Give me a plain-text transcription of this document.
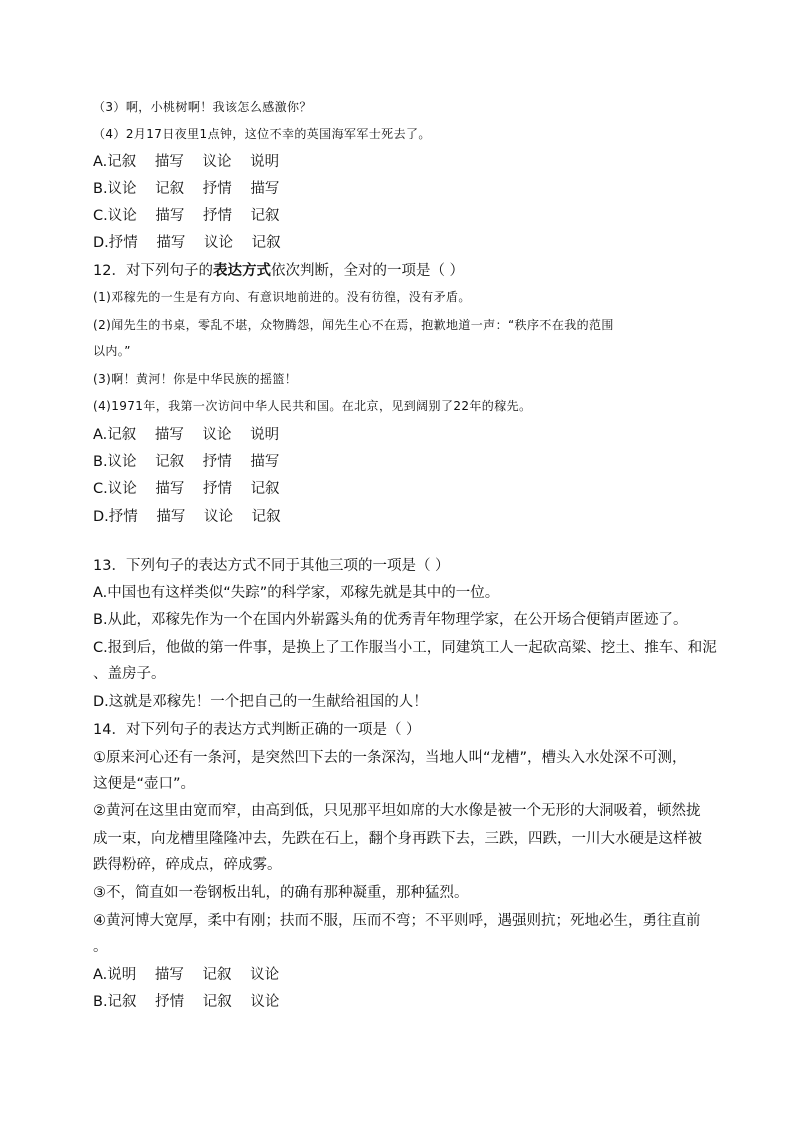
（3）啊，小桃树啊！我该怎么感激你？
（4）2月17日夜里1点钟，这位不幸的英国海军军士死去了。
A.记叙 描写 议论 说明
B.议论 记叙 抒情 描写
C.议论 描写 抒情 记叙
D.抒情 描写 议论 记叙
12．对下列句子的表达方式依次判断，全对的一项是（ ）
(1)邓稼先的一生是有方向、有意识地前进的。没有彷徨，没有矛盾。
(2)闻先生的书桌，零乱不堪，众物腾怨，闻先生心不在焉，抱歉地道一声：“秩序不在我的范围
以内。”
(3)啊！黄河！你是中华民族的摇篮！
(4)1971年，我第一次访问中华人民共和国。在北京，见到阔别了22年的稼先。
A.记叙 描写 议论 说明
B.议论 记叙 抒情 描写
C.议论 描写 抒情 记叙
D.抒情 描写 议论 记叙
13．下列句子的表达方式不同于其他三项的一项是（ ）
A.中国也有这样类似“失踪”的科学家，邓稼先就是其中的一位。
B.从此，邓稼先作为一个在国内外崭露头角的优秀青年物理学家，在公开场合便销声匿迹了。
C.报到后，他做的第一件事，是换上了工作服当小工，同建筑工人一起砍高粱、挖土、推车、和泥
、盖房子。
D.这就是邓稼先！一个把自己的一生献给祖国的人！
14．对下列句子的表达方式判断正确的一项是（ ）
①原来河心还有一条河，是突然凹下去的一条深沟，当地人叫“龙槽”，槽头入水处深不可测，
这便是“壶口”。
②黄河在这里由宽而窄，由高到低，只见那平坦如席的大水像是被一个无形的大洞吸着，顿然拢
成一束，向龙槽里隆隆冲去，先跌在石上，翻个身再跌下去，三跌，四跌，一川大水硬是这样被
跌得粉碎，碎成点，碎成雾。
③不，简直如一卷钢板出轧，的确有那种凝重，那种猛烈。
④黄河博大宽厚，柔中有刚；扶而不服，压而不弯；不平则呼，遇强则抗；死地必生，勇往直前
。
A.说明 描写 记叙 议论
B.记叙 抒情 记叙 议论
